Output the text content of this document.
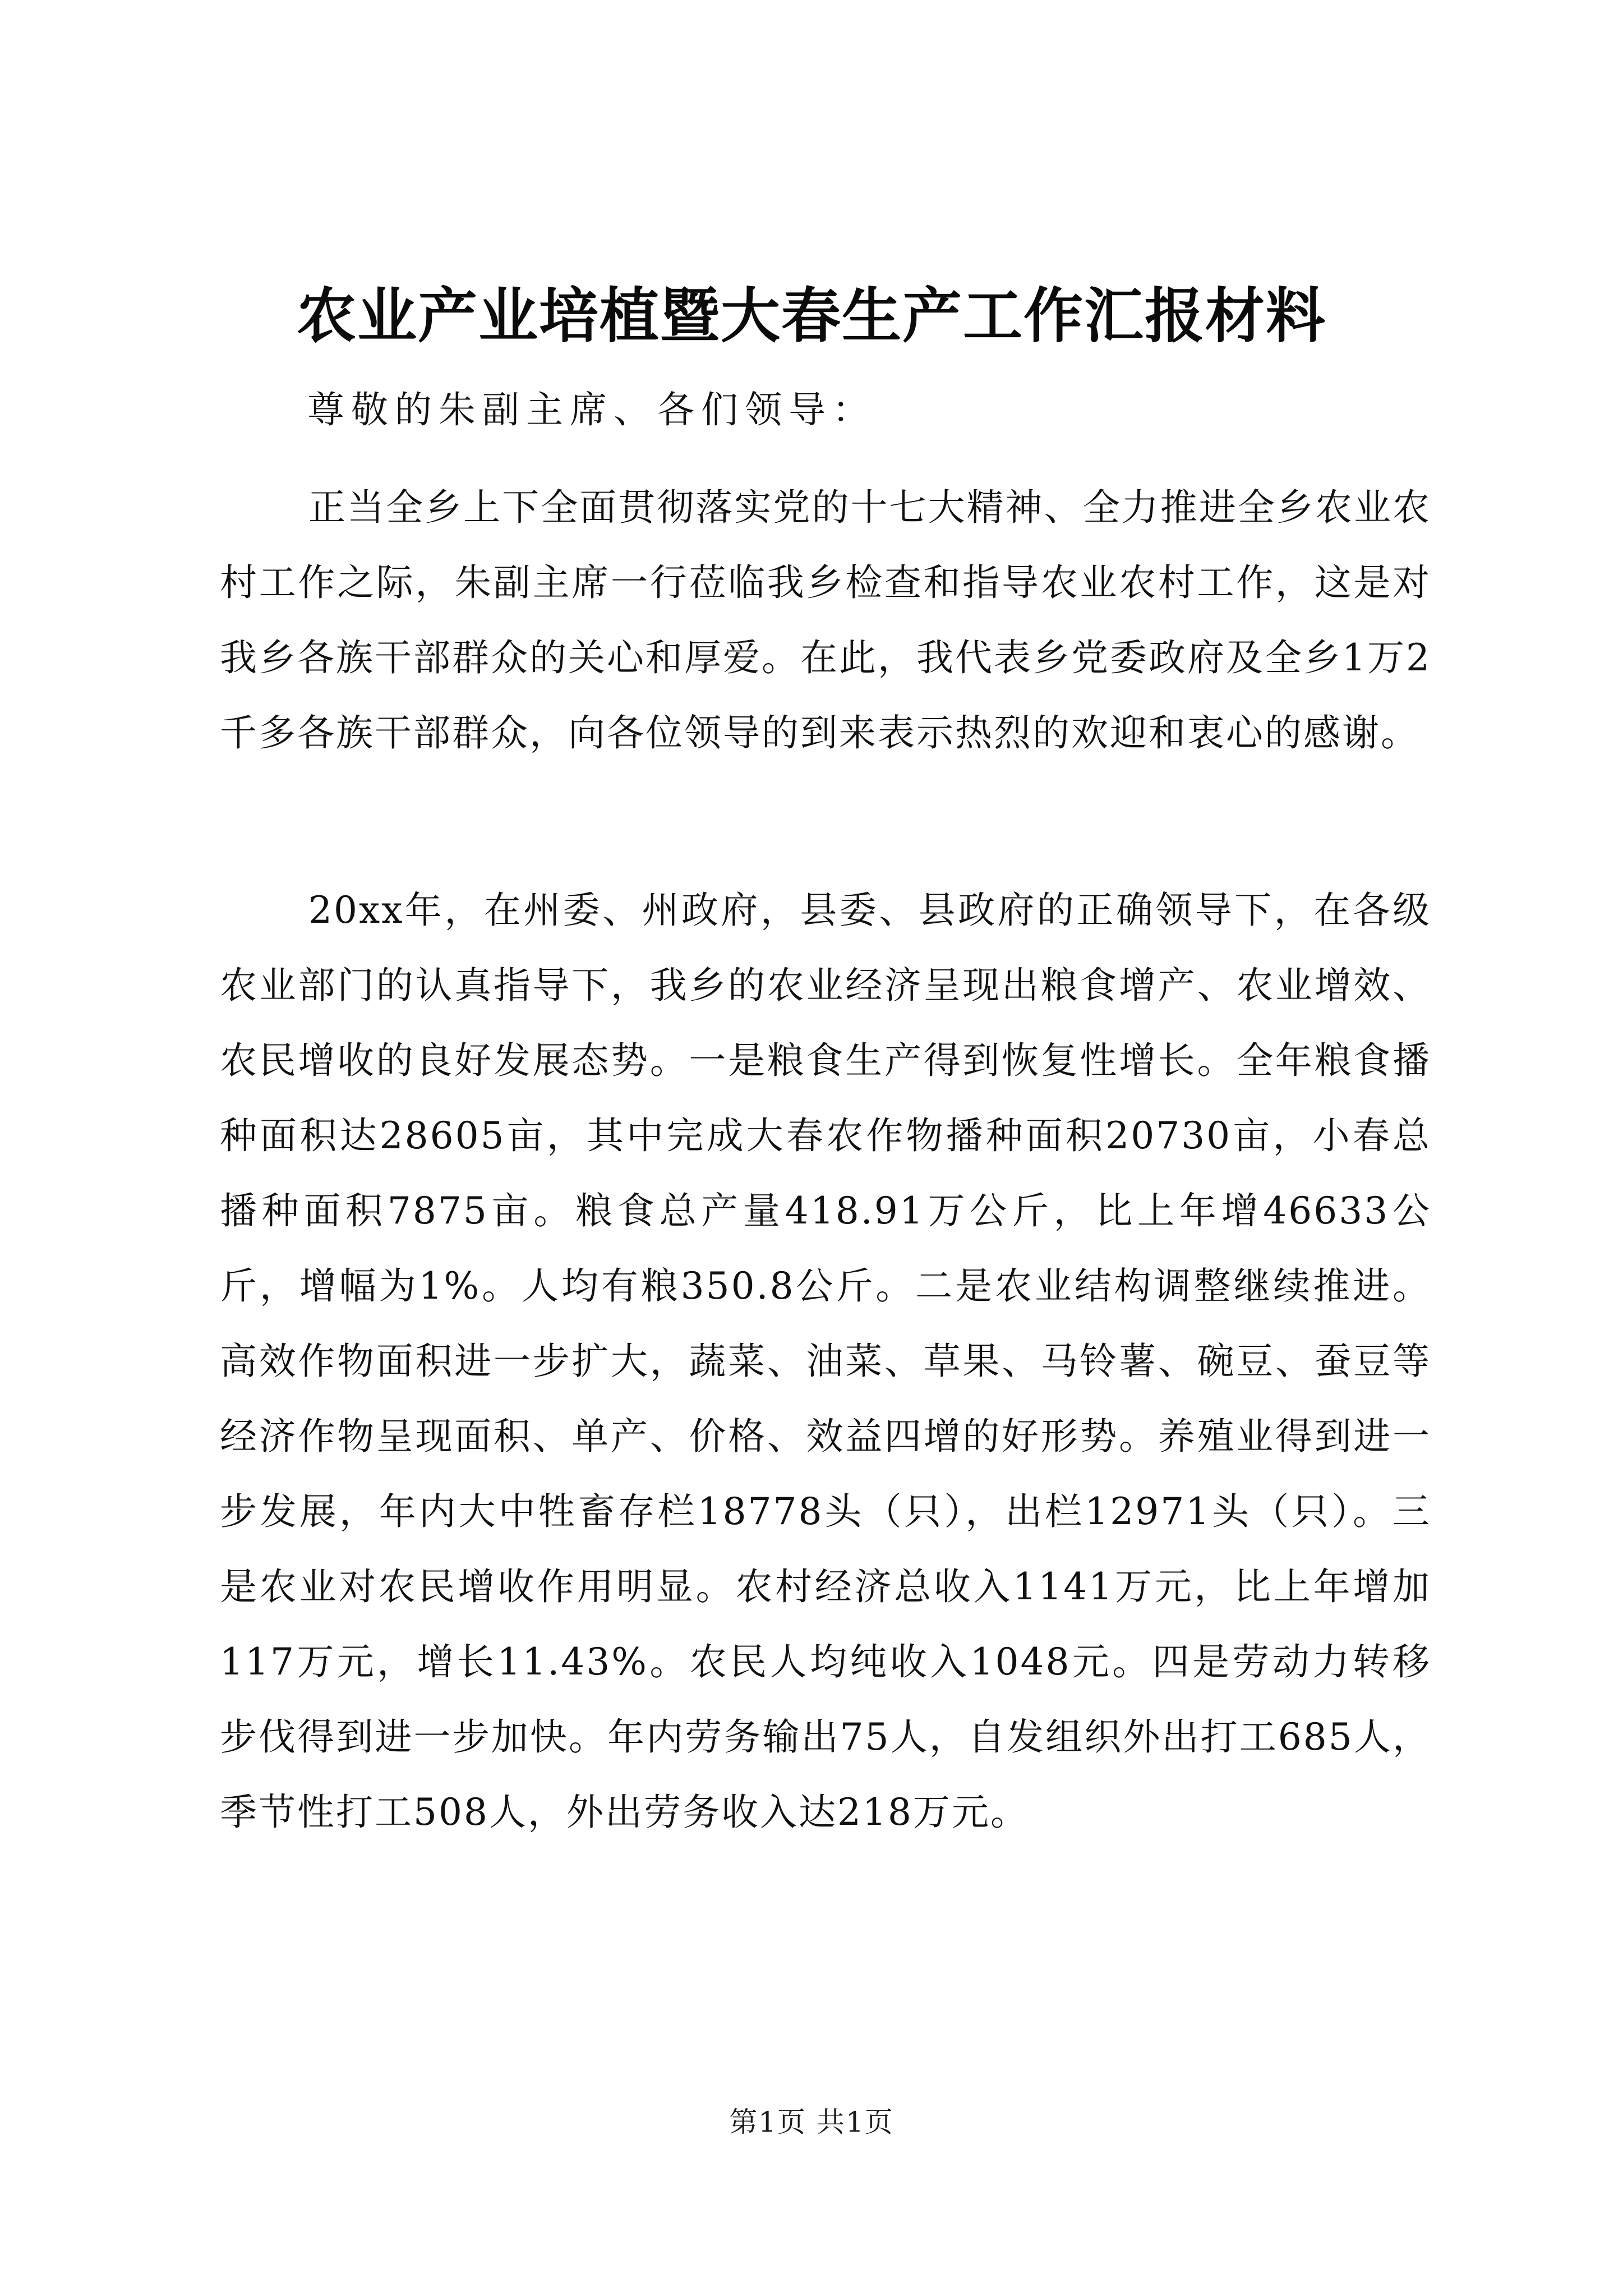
农业产业培植暨大春生产工作汇报材料
尊敬的朱副主席、各们领导：
正当全乡上下全面贯彻落实党的十七大精神、全力推进全乡农业农村工作之际，朱副主席一行莅临我乡检查和指导农业农村工作，这是对我乡各族干部群众的关心和厚爱。在此，我代表乡党委政府及全乡1万2千多各族干部群众，向各位领导的到来表示热烈的欢迎和衷心的感谢。
20xx年，在州委、州政府，县委、县政府的正确领导下，在各级农业部门的认真指导下，我乡的农业经济呈现出粮食增产、农业增效、农民增收的良好发展态势。一是粮食生产得到恢复性增长。全年粮食播种面积达28605亩，其中完成大春农作物播种面积20730亩，小春总播种面积7875亩。粮食总产量418.91万公斤，比上年增46633公斤，增幅为1%。人均有粮350.8公斤。二是农业结构调整继续推进。高效作物面积进一步扩大，蔬菜、油菜、草果、马铃薯、碗豆、蚕豆等经济作物呈现面积、单产、价格、效益四增的好形势。养殖业得到进一步发展，年内大中牲畜存栏18778头（只），出栏12971头（只）。三是农业对农民增收作用明显。农村经济总收入1141万元，比上年增加117万元，增长11.43%。农民人均纯收入1048元。四是劳动力转移步伐得到进一步加快。年内劳务输出75人，自发组织外出打工685人，季节性打工508人，外出劳务收入达218万元。
第1页 共1页
